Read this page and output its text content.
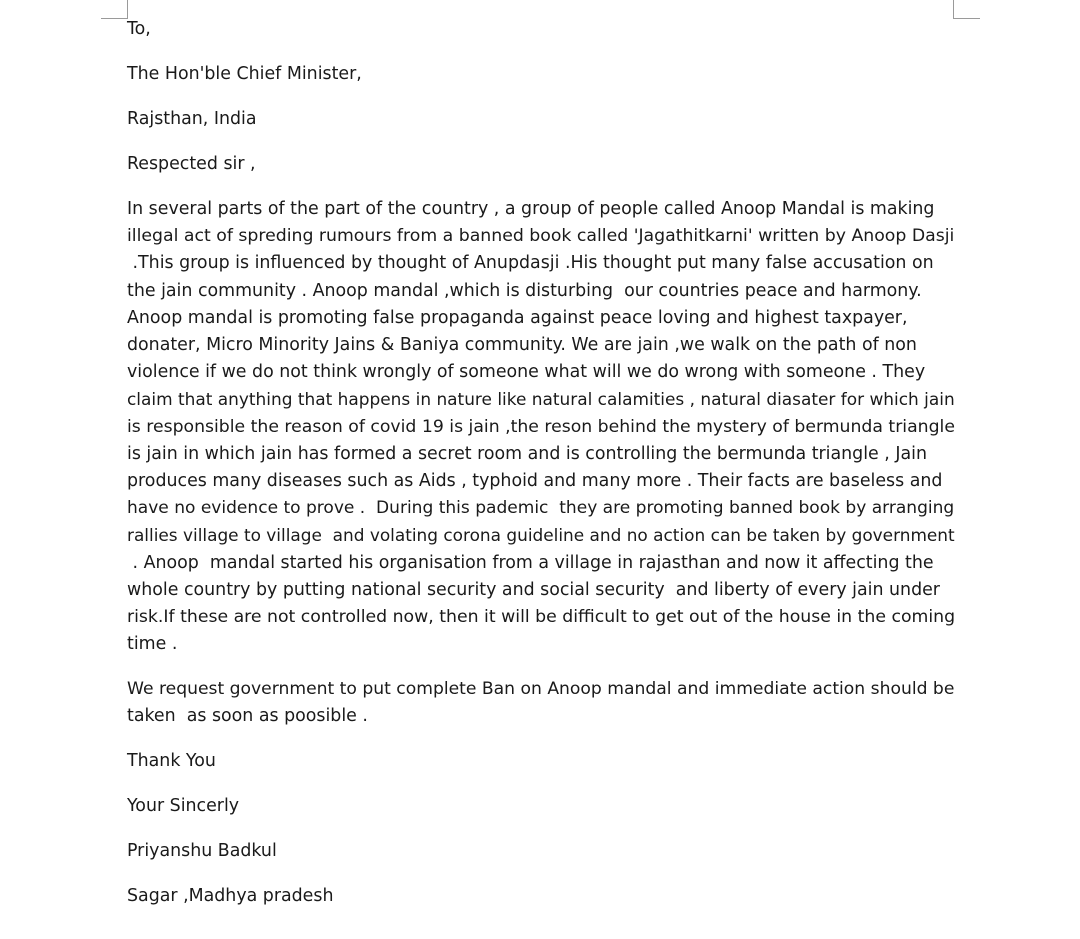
To,

The Hon'ble Chief Minister,

Rajsthan, India

Respected sir ,

In several parts of the part of the country , a group of people called Anoop Mandal is making
illegal act of spreding rumours from a banned book called 'Jagathitkarni' written by Anoop Dasji
.This group is influenced by thought of Anupdasji .His thought put many false accusation on
the jain community . Anoop mandal ,which is disturbing  our countries peace and harmony.
Anoop mandal is promoting false propaganda against peace loving and highest taxpayer,
donater, Micro Minority Jains & Baniya community. We are jain ,we walk on the path of non
violence if we do not think wrongly of someone what will we do wrong with someone . They
claim that anything that happens in nature like natural calamities , natural diasater for which jain
is responsible the reason of covid 19 is jain ,the reson behind the mystery of bermunda triangle
is jain in which jain has formed a secret room and is controlling the bermunda triangle , Jain
produces many diseases such as Aids , typhoid and many more . Their facts are baseless and
have no evidence to prove .  During this pademic  they are promoting banned book by arranging
rallies village to village  and volating corona guideline and no action can be taken by government
. Anoop  mandal started his organisation from a village in rajasthan and now it affecting the
whole country by putting national security and social security  and liberty of every jain under
risk.If these are not controlled now, then it will be difficult to get out of the house in the coming
time .

We request government to put complete Ban on Anoop mandal and immediate action should be
taken  as soon as poosible .

Thank You

Your Sincerly

Priyanshu Badkul

Sagar ,Madhya pradesh
